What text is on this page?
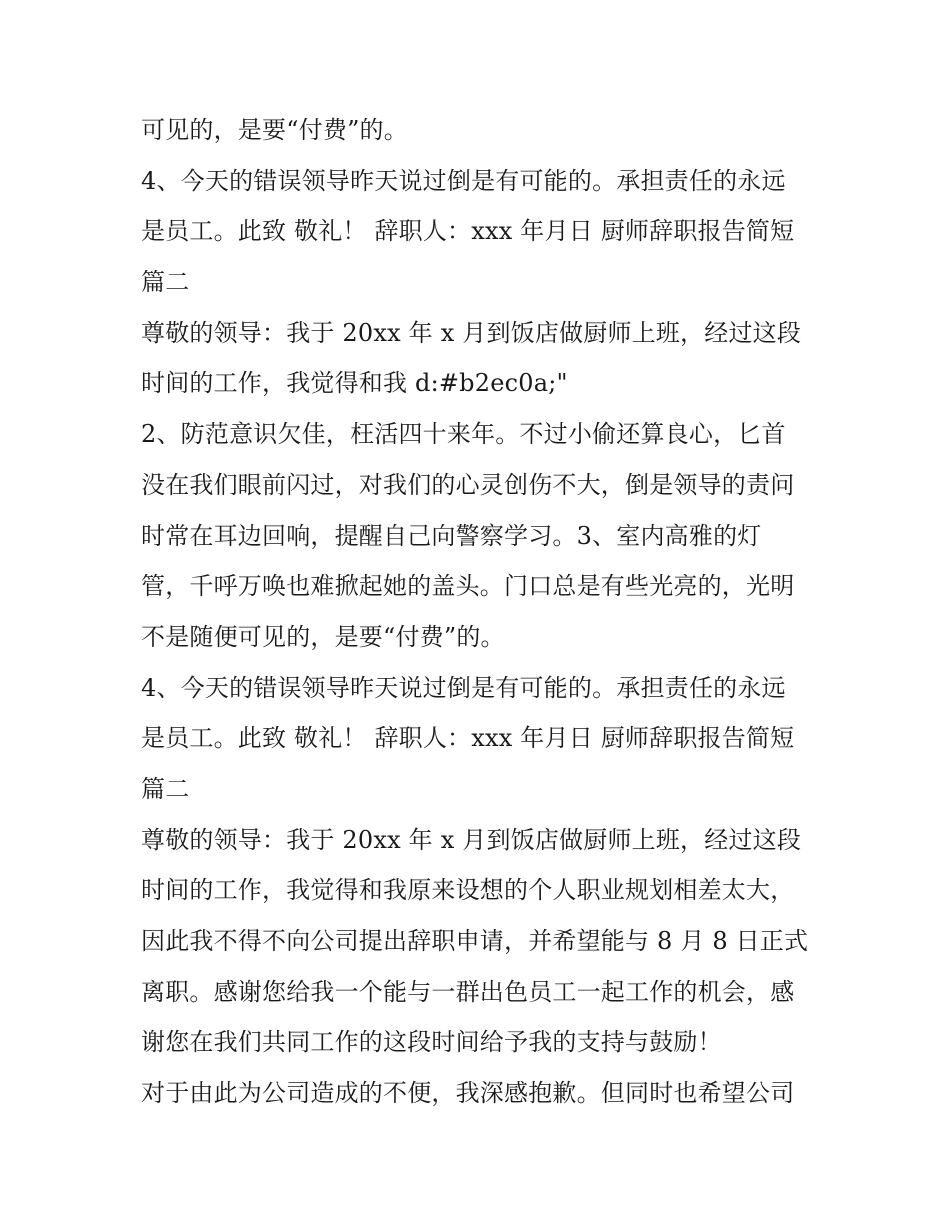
可见的，是要“付费”的。
4、今天的错误领导昨天说过倒是有可能的。承担责任的永远
是员工。此致 敬礼！ 辞职人：xxx 年月日 厨师辞职报告简短
篇二
尊敬的领导：我于 20xx 年 x 月到饭店做厨师上班，经过这段
时间的工作，我觉得和我 d:#b2ec0a;"
2、防范意识欠佳，枉活四十来年。不过小偷还算良心，匕首
没在我们眼前闪过，对我们的心灵创伤不大，倒是领导的责问
时常在耳边回响，提醒自己向警察学习。3、室内高雅的灯
管，千呼万唤也难掀起她的盖头。门口总是有些光亮的，光明
不是随便可见的，是要“付费”的。
4、今天的错误领导昨天说过倒是有可能的。承担责任的永远
是员工。此致 敬礼！ 辞职人：xxx 年月日 厨师辞职报告简短
篇二
尊敬的领导：我于 20xx 年 x 月到饭店做厨师上班，经过这段
时间的工作，我觉得和我原来设想的个人职业规划相差太大，
因此我不得不向公司提出辞职申请，并希望能与 8 月 8 日正式
离职。感谢您给我一个能与一群出色员工一起工作的机会，感
谢您在我们共同工作的这段时间给予我的支持与鼓励！
对于由此为公司造成的不便，我深感抱歉。但同时也希望公司
